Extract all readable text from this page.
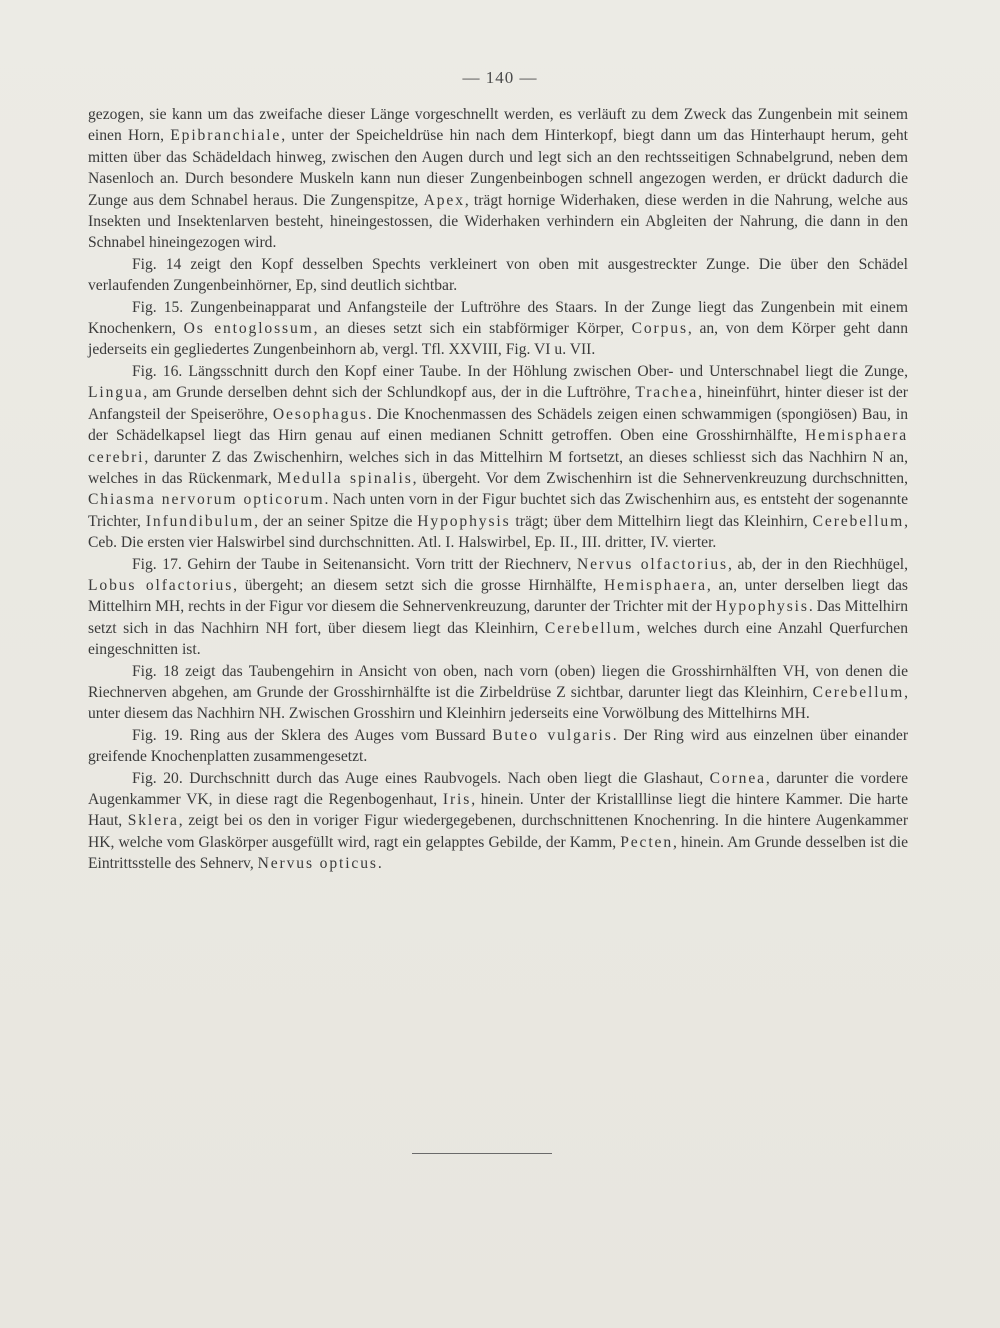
— 140 —

gezogen, sie kann um das zweifache dieser Länge vorgeschnellt werden, es verläuft zu dem Zweck das Zungenbein mit seinem einen Horn, Epibranchiale, unter der Speicheldrüse hin nach dem Hinterkopf, biegt dann um das Hinterhaupt herum, geht mitten über das Schädeldach hinweg, zwischen den Augen durch und legt sich an den rechtsseitigen Schnabelgrund, neben dem Nasenloch an. Durch besondere Muskeln kann nun dieser Zungenbeinbogen schnell angezogen werden, er drückt dadurch die Zunge aus dem Schnabel heraus. Die Zungenspitze, Apex, trägt hornige Widerhaken, diese werden in die Nahrung, welche aus Insekten und Insektenlarven besteht, hineingestossen, die Widerhaken verhindern ein Abgleiten der Nahrung, die dann in den Schnabel hineingezogen wird.

Fig. 14 zeigt den Kopf desselben Spechts verkleinert von oben mit ausgestreckter Zunge. Die über den Schädel verlaufenden Zungenbeinhörner, Ep, sind deutlich sichtbar.

Fig. 15. Zungenbeinapparat und Anfangsteile der Luftröhre des Staars. In der Zunge liegt das Zungenbein mit einem Knochenkern, Os entoglossum, an dieses setzt sich ein stabförmiger Körper, Corpus, an, von dem Körper geht dann jederseits ein gegliedertes Zungenbeinhorn ab, vergl. Tfl. XXVIII, Fig. VI u. VII.

Fig. 16. Längsschnitt durch den Kopf einer Taube. In der Höhlung zwischen Ober- und Unterschnabel liegt die Zunge, Lingua, am Grunde derselben dehnt sich der Schlundkopf aus, der in die Luftröhre, Trachea, hineinführt, hinter dieser ist der Anfangsteil der Speiseröhre, Oesophagus. Die Knochenmassen des Schädels zeigen einen schwammigen (spongiösen) Bau, in der Schädelkapsel liegt das Hirn genau auf einen medianen Schnitt getroffen. Oben eine Grosshirnhälfte, Hemisphaera cerebri, darunter Z das Zwischenhirn, welches sich in das Mittelhirn M fortsetzt, an dieses schliesst sich das Nachhirn N an, welches in das Rückenmark, Medulla spinalis, übergeht. Vor dem Zwischenhirn ist die Sehnervenkreuzung durchschnitten, Chiasma nervorum opticorum. Nach unten vorn in der Figur buchtet sich das Zwischenhirn aus, es entsteht der sogenannte Trichter, Infundibulum, der an seiner Spitze die Hypophysis trägt; über dem Mittelhirn liegt das Kleinhirn, Cerebellum, Ceb. Die ersten vier Halswirbel sind durchschnitten. Atl. I. Halswirbel, Ep. II., III. dritter, IV. vierter.

Fig. 17. Gehirn der Taube in Seitenansicht. Vorn tritt der Riechnerv, Nervus olfactorius, ab, der in den Riechhügel, Lobus olfactorius, übergeht; an diesem setzt sich die grosse Hirnhälfte, Hemisphaera, an, unter derselben liegt das Mittelhirn MH, rechts in der Figur vor diesem die Sehnervenkreuzung, darunter der Trichter mit der Hypophysis. Das Mittelhirn setzt sich in das Nachhirn NH fort, über diesem liegt das Kleinhirn, Cerebellum, welches durch eine Anzahl Querfurchen eingeschnitten ist.

Fig. 18 zeigt das Taubengehirn in Ansicht von oben, nach vorn (oben) liegen die Grosshirnhälften VH, von denen die Riechnerven abgehen, am Grunde der Grosshirnhälfte ist die Zirbeldrüse Z sichtbar, darunter liegt das Kleinhirn, Cerebellum, unter diesem das Nachhirn NH. Zwischen Grosshirn und Kleinhirn jederseits eine Vorwölbung des Mittelhirns MH.

Fig. 19. Ring aus der Sklera des Auges vom Bussard Buteo vulgaris. Der Ring wird aus einzelnen über einander greifende Knochenplatten zusammengesetzt.

Fig. 20. Durchschnitt durch das Auge eines Raubvogels. Nach oben liegt die Glashaut, Cornea, darunter die vordere Augenkammer VK, in diese ragt die Regenbogenhaut, Iris, hinein. Unter der Kristalllinse liegt die hintere Kammer. Die harte Haut, Sklera, zeigt bei os den in voriger Figur wiedergegebenen, durchschnittenen Knochenring. In die hintere Augenkammer HK, welche vom Glaskörper ausgefüllt wird, ragt ein gelapptes Gebilde, der Kamm, Pecten, hinein. Am Grunde desselben ist die Eintrittsstelle des Sehnerv, Nervus opticus.
